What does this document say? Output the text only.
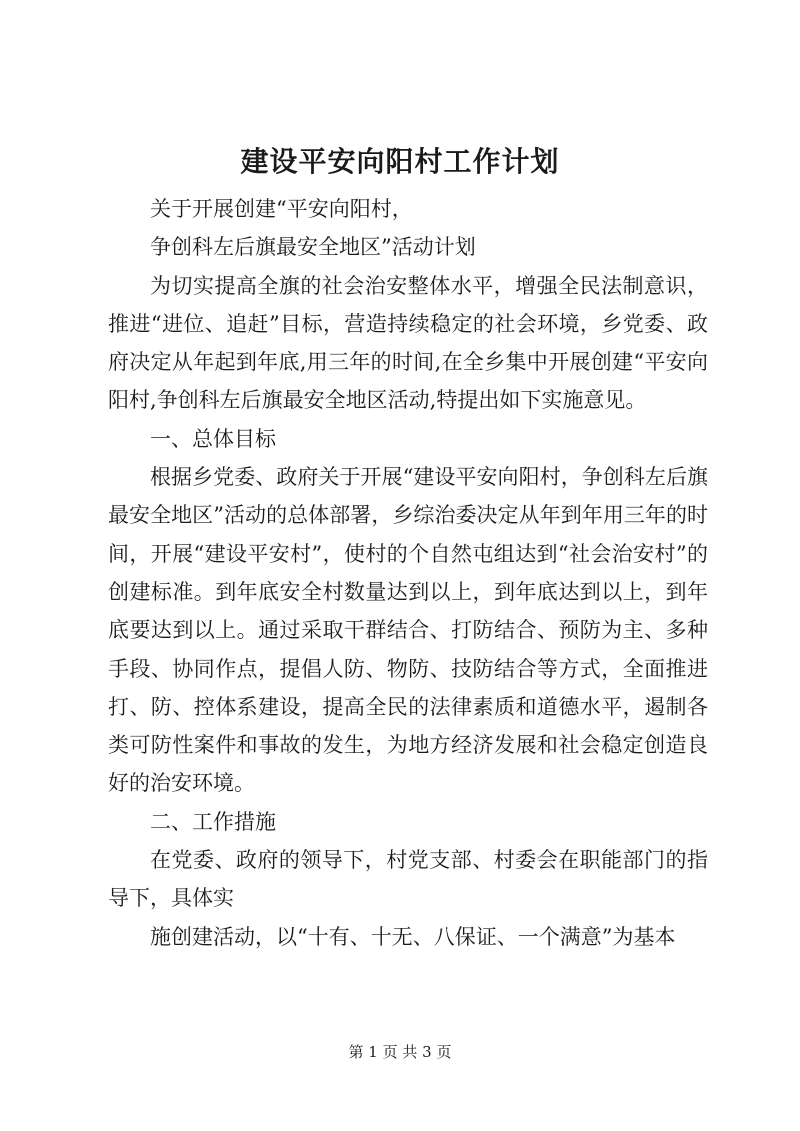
建设平安向阳村工作计划

关于开展创建“平安向阳村，

争创科左后旗最安全地区”活动计划

为切实提高全旗的社会治安整体水平，增强全民法制意识，推进“进位、追赶”目标，营造持续稳定的社会环境，乡党委、政府决定从年起到年底,用三年的时间,在全乡集中开展创建“平安向阳村,争创科左后旗最安全地区活动,特提出如下实施意见。

一、总体目标

根据乡党委、政府关于开展“建设平安向阳村，争创科左后旗最安全地区”活动的总体部署，乡综治委决定从年到年用三年的时间，开展“建设平安村”，使村的个自然屯组达到“社会治安村”的创建标准。到年底安全村数量达到以上，到年底达到以上，到年底要达到以上。通过采取干群结合、打防结合、预防为主、多种手段、协同作点，提倡人防、物防、技防结合等方式，全面推进打、防、控体系建设，提高全民的法律素质和道德水平，遏制各类可防性案件和事故的发生，为地方经济发展和社会稳定创造良好的治安环境。

二、工作措施

在党委、政府的领导下，村党支部、村委会在职能部门的指导下，具体实

施创建活动，以“十有、十无、八保证、一个满意”为基本

第 1 页 共 3 页
